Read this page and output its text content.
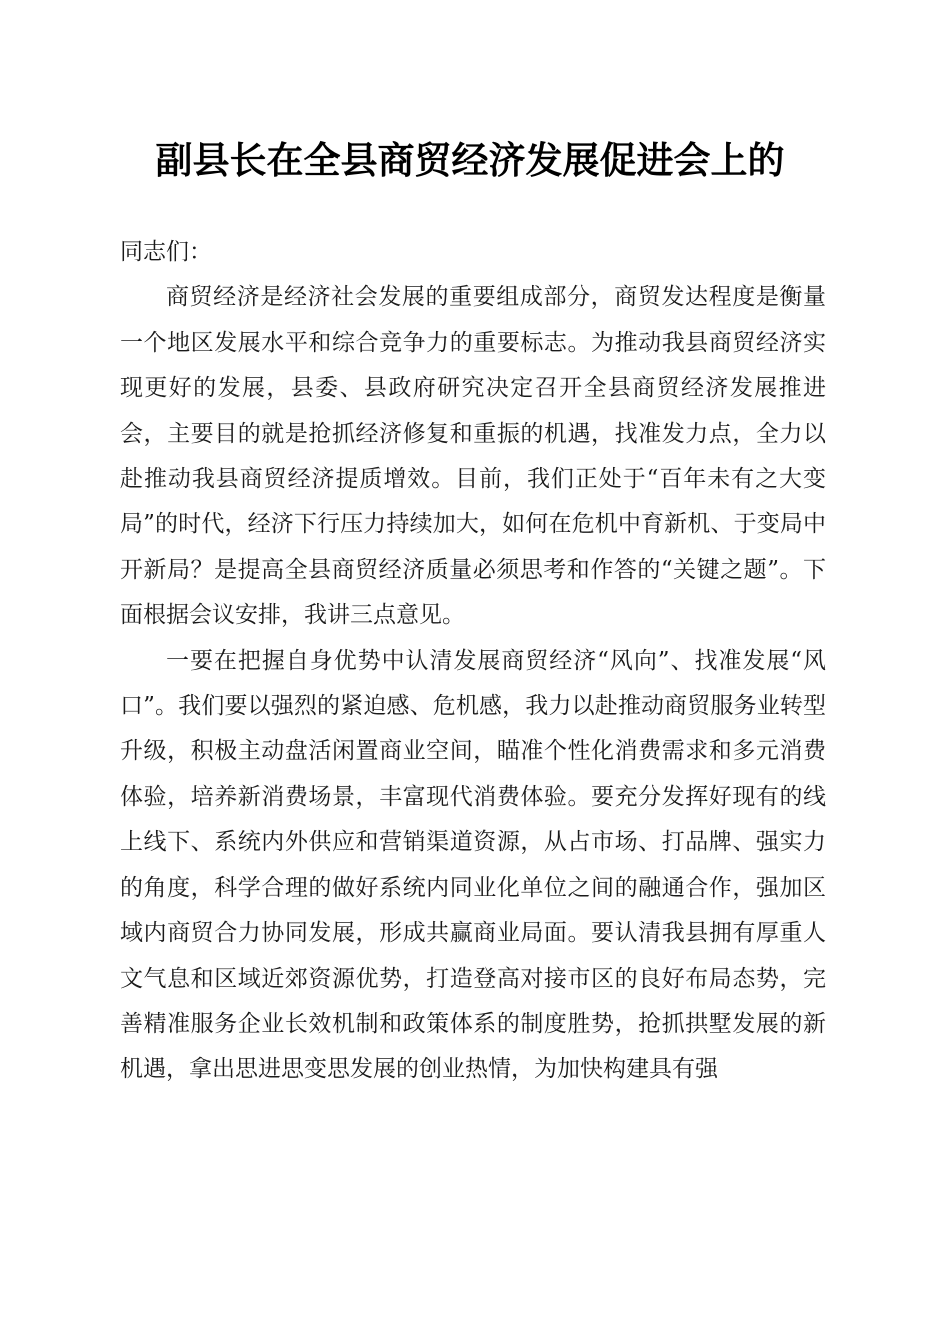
副县长在全县商贸经济发展促进会上的

同志们：

商贸经济是经济社会发展的重要组成部分，商贸发达程度是衡量一个地区发展水平和综合竞争力的重要标志。为推动我县商贸经济实现更好的发展，县委、县政府研究决定召开全县商贸经济发展推进会，主要目的就是抢抓经济修复和重振的机遇，找准发力点，全力以赴推动我县商贸经济提质增效。目前，我们正处于“百年未有之大变局”的时代，经济下行压力持续加大，如何在危机中育新机、于变局中开新局？是提高全县商贸经济质量必须思考和作答的“关键之题”。下面根据会议安排，我讲三点意见。

一要在把握自身优势中认清发展商贸经济“风向”、找准发展“风口”。我们要以强烈的紧迫感、危机感，我力以赴推动商贸服务业转型升级，积极主动盘活闲置商业空间，瞄准个性化消费需求和多元消费体验，培养新消费场景，丰富现代消费体验。要充分发挥好现有的线上线下、系统内外供应和营销渠道资源，从占市场、打品牌、强实力的角度，科学合理的做好系统内同业化单位之间的融通合作，强加区域内商贸合力协同发展，形成共赢商业局面。要认清我县拥有厚重人文气息和区域近郊资源优势，打造登高对接市区的良好布局态势，完善精准服务企业长效机制和政策体系的制度胜势，抢抓拱墅发展的新机遇，拿出思进思变思发展的创业热情，为加快构建具有强
